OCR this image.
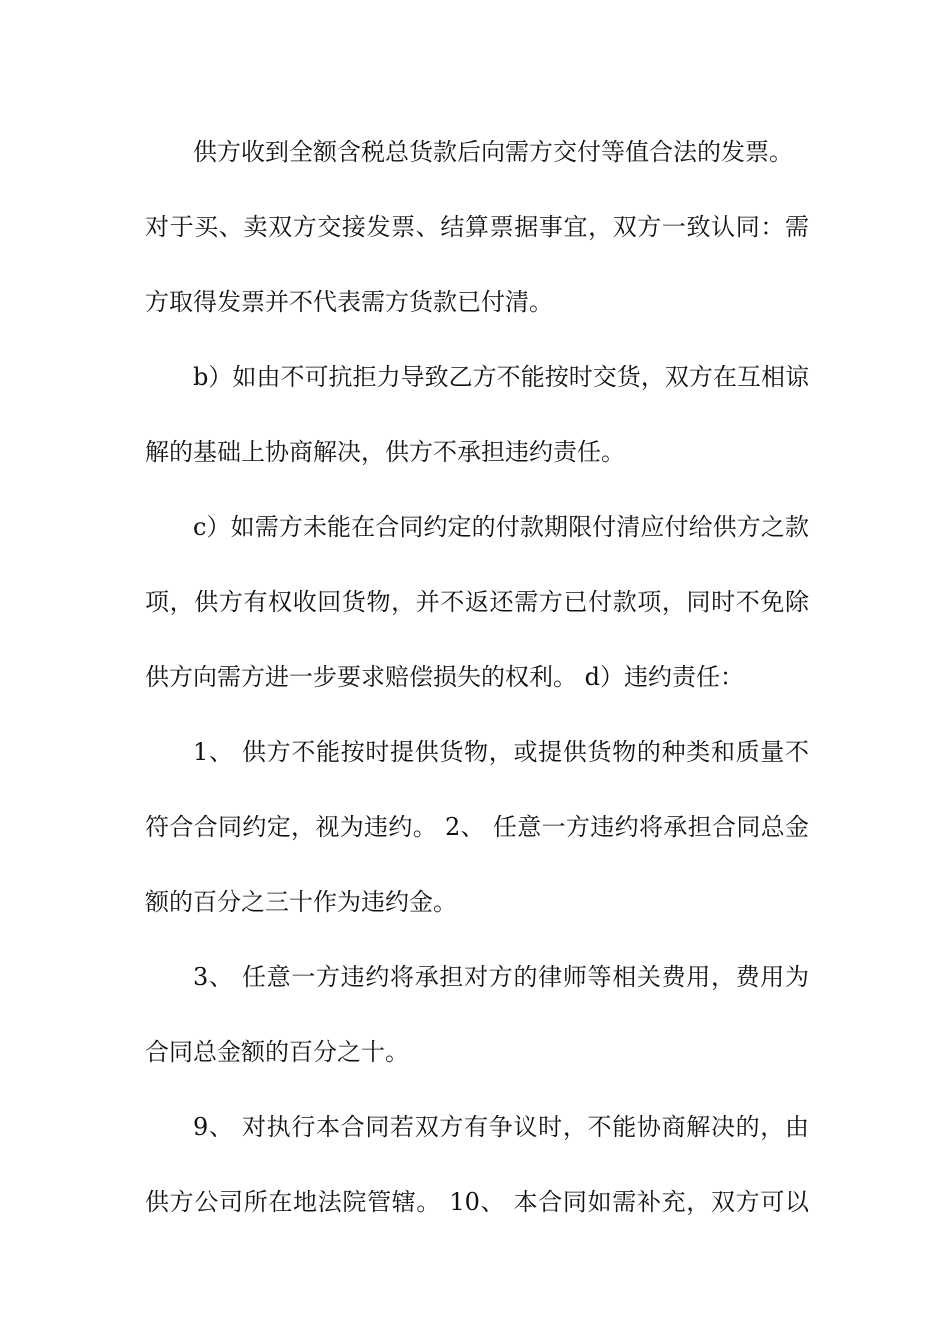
供方收到全额含税总货款后向需方交付等值合法的发票。
对于买、卖双方交接发票、结算票据事宜，双方一致认同：需
方取得发票并不代表需方货款已付清。
b）如由不可抗拒力导致乙方不能按时交货，双方在互相谅
解的基础上协商解决，供方不承担违约责任。
c）如需方未能在合同约定的付款期限付清应付给供方之款
项，供方有权收回货物，并不返还需方已付款项，同时不免除
供方向需方进一步要求赔偿损失的权利。 d）违约责任：
1、 供方不能按时提供货物，或提供货物的种类和质量不
符合合同约定，视为违约。 2、 任意一方违约将承担合同总金
额的百分之三十作为违约金。
3、 任意一方违约将承担对方的律师等相关费用，费用为
合同总金额的百分之十。
9、 对执行本合同若双方有争议时，不能协商解决的，由
供方公司所在地法院管辖。 10、 本合同如需补充，双方可以
